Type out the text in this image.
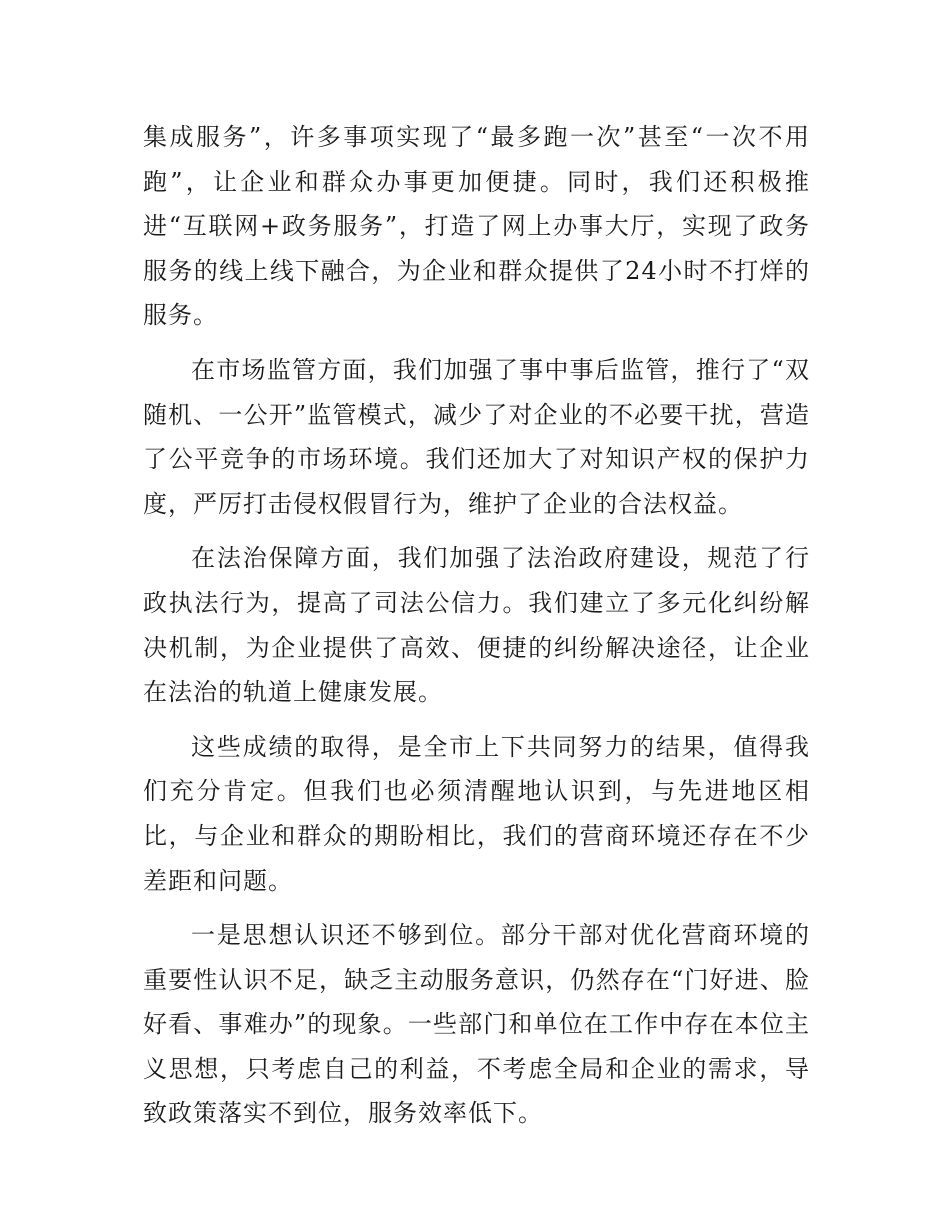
集成服务”，许多事项实现了“最多跑一次”甚至“一次不用跑”，让企业和群众办事更加便捷。同时，我们还积极推进“互联网+政务服务”，打造了网上办事大厅，实现了政务服务的线上线下融合，为企业和群众提供了24小时不打烊的服务。

在市场监管方面，我们加强了事中事后监管，推行了“双随机、一公开”监管模式，减少了对企业的不必要干扰，营造了公平竞争的市场环境。我们还加大了对知识产权的保护力度，严厉打击侵权假冒行为，维护了企业的合法权益。

在法治保障方面，我们加强了法治政府建设，规范了行政执法行为，提高了司法公信力。我们建立了多元化纠纷解决机制，为企业提供了高效、便捷的纠纷解决途径，让企业在法治的轨道上健康发展。

这些成绩的取得，是全市上下共同努力的结果，值得我们充分肯定。但我们也必须清醒地认识到，与先进地区相比，与企业和群众的期盼相比，我们的营商环境还存在不少差距和问题。

一是思想认识还不够到位。部分干部对优化营商环境的重要性认识不足，缺乏主动服务意识，仍然存在“门好进、脸好看、事难办”的现象。一些部门和单位在工作中存在本位主义思想，只考虑自己的利益，不考虑全局和企业的需求，导致政策落实不到位，服务效率低下。
